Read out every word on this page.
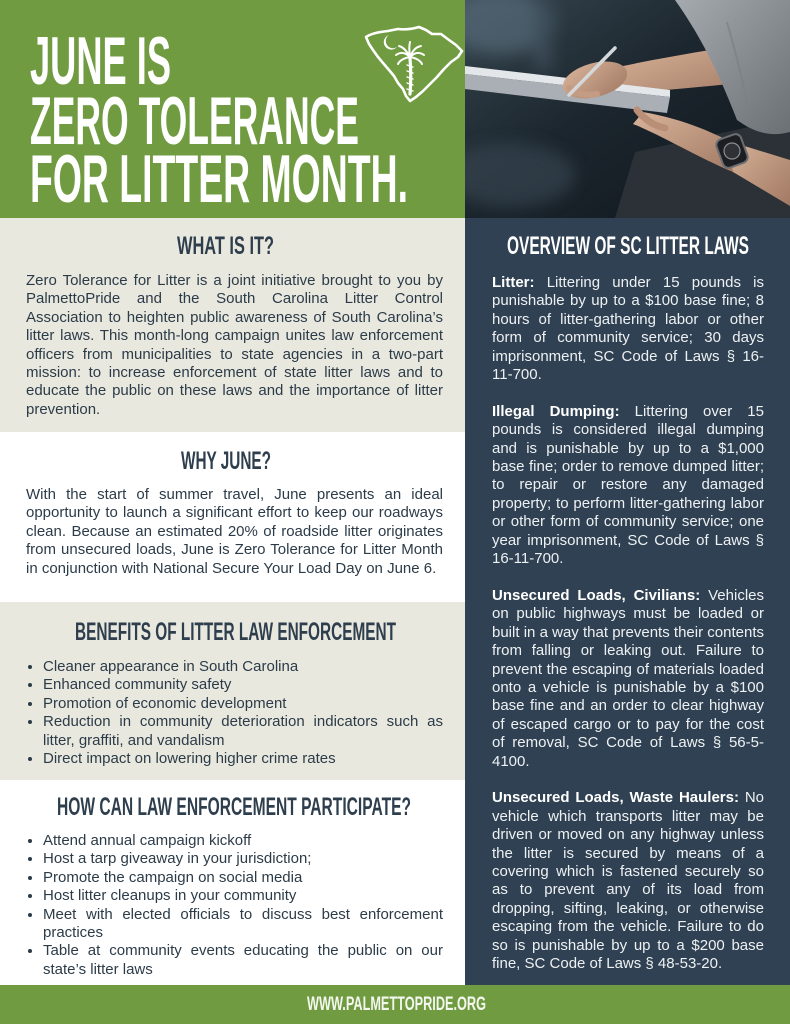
JUNE IS
ZERO TOLERANCE
FOR LITTER MONTH.
WHAT IS IT?

Zero Tolerance for Litter is a joint initiative brought to you by PalmettoPride and the South Carolina Litter Control Association to heighten public awareness of South Carolina’s litter laws. This month-long campaign unites law enforcement officers from municipalities to state agencies in a two-part mission: to increase enforcement of state litter laws and to educate the public on these laws and the importance of litter prevention.

WHY JUNE?

With the start of summer travel, June presents an ideal opportunity to launch a significant effort to keep our roadways clean. Because an estimated 20% of roadside litter originates from unsecured loads, June is Zero Tolerance for Litter Month in conjunction with National Secure Your Load Day on June 6.

BENEFITS OF LITTER LAW ENFORCEMENT
• Cleaner appearance in South Carolina
• Enhanced community safety
• Promotion of economic development
• Reduction in community deterioration indicators such as litter, graffiti, and vandalism
• Direct impact on lowering higher crime rates
HOW CAN LAW ENFORCEMENT PARTICIPATE?
• Attend annual campaign kickoff
• Host a tarp giveaway in your jurisdiction;
• Promote the campaign on social media
• Host litter cleanups in your community
• Meet with elected officials to discuss best enforcement practices
• Table at community events educating the public on our state’s litter laws
OVERVIEW OF SC LITTER LAWS

Litter: Littering under 15 pounds is punishable by up to a $100 base fine; 8 hours of litter-gathering labor or other form of community service; 30 days imprisonment, SC Code of Laws § 16-11-700.

Illegal Dumping: Littering over 15 pounds is considered illegal dumping and is punishable by up to a $1,000 base fine; order to remove dumped litter; to repair or restore any damaged property; to perform litter-gathering labor or other form of community service; one year imprisonment, SC Code of Laws § 16-11-700.

Unsecured Loads, Civilians: Vehicles on public highways must be loaded or built in a way that prevents their contents from falling or leaking out. Failure to prevent the escaping of materials loaded onto a vehicle is punishable by a $100 base fine and an order to clear highway of escaped cargo or to pay for the cost of removal, SC Code of Laws § 56-5-4100.

Unsecured Loads, Waste Haulers: No vehicle which transports litter may be driven or moved on any highway unless the litter is secured by means of a covering which is fastened securely so as to prevent any of its load from dropping, sifting, leaking, or otherwise escaping from the vehicle. Failure to do so is punishable by up to a $200 base fine, SC Code of Laws § 48-53-20.

WWW.PALMETTOPRIDE.ORG
